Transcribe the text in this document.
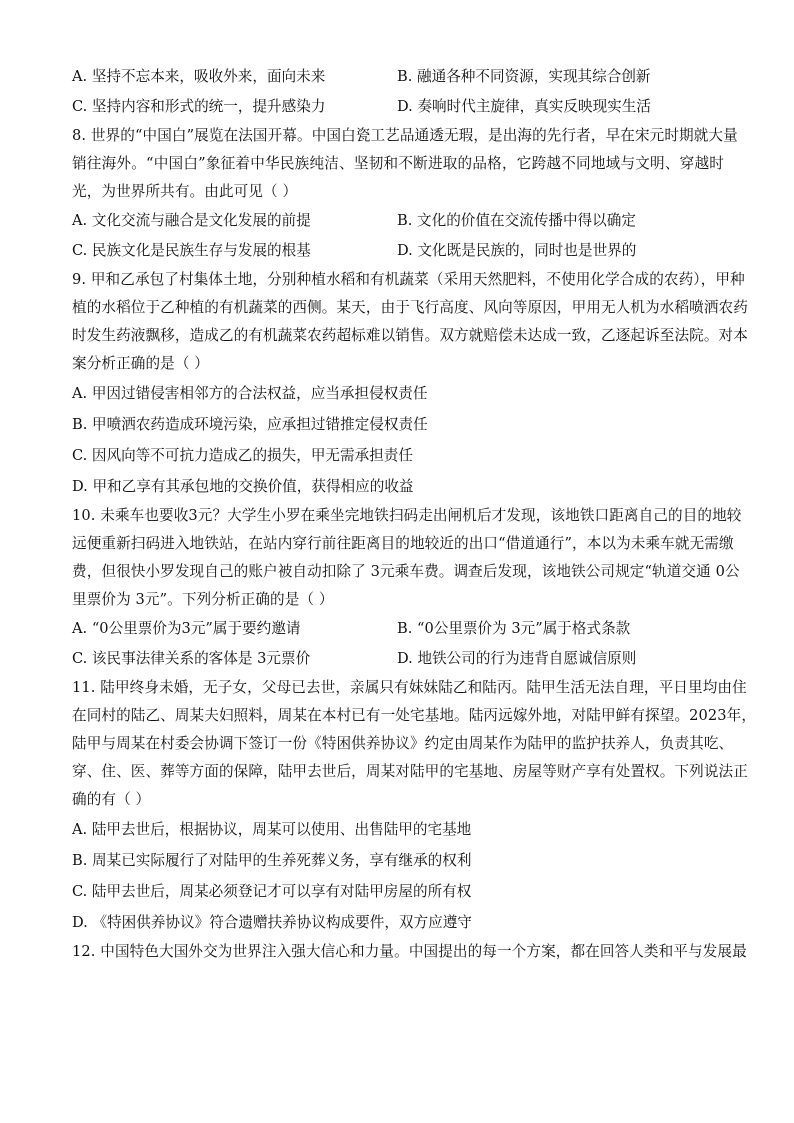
A. 坚持不忘本来，吸收外来，面向未来	B. 融通各种不同资源，实现其综合创新
C. 坚持内容和形式的统一，提升感染力	D. 奏响时代主旋律，真实反映现实生活
8. 世界的“中国白”展览在法国开幕。中国白瓷工艺品通透无瑕，是出海的先行者，早在宋元时期就大量
销往海外。“中国白”象征着中华民族纯洁、坚韧和不断进取的品格，它跨越不同地域与文明、穿越时
光，为世界所共有。由此可见（ ）
A. 文化交流与融合是文化发展的前提	B. 文化的价值在交流传播中得以确定
C. 民族文化是民族生存与发展的根基	D. 文化既是民族的，同时也是世界的
9. 甲和乙承包了村集体土地，分别种植水稻和有机蔬菜（采用天然肥料，不使用化学合成的农药），甲种
植的水稻位于乙种植的有机蔬菜的西侧。某天，由于飞行高度、风向等原因，甲用无人机为水稻喷洒农药
时发生药液飘移，造成乙的有机蔬菜农药超标难以销售。双方就赔偿未达成一致，乙逐起诉至法院。对本
案分析正确的是（ ）
A. 甲因过错侵害相邻方的合法权益，应当承担侵权责任
B. 甲喷洒农药造成环境污染，应承担过错推定侵权责任
C. 因风向等不可抗力造成乙的损失，甲无需承担责任
D. 甲和乙享有其承包地的交换价值，获得相应的收益
10. 未乘车也要收3元？大学生小罗在乘坐完地铁扫码走出闸机后才发现，该地铁口距离自己的目的地较
远便重新扫码进入地铁站，在站内穿行前往距离目的地较近的出口“借道通行”，本以为未乘车就无需缴
费，但很快小罗发现自己的账户被自动扣除了 3元乘车费。调查后发现，该地铁公司规定“轨道交通 0公
里票价为 3元”。下列分析正确的是（ ）
A. “0公里票价为3元”属于要约邀请	B. “0公里票价为 3元”属于格式条款
C. 该民事法律关系的客体是 3元票价	D. 地铁公司的行为违背自愿诚信原则
11. 陆甲终身未婚，无子女，父母已去世，亲属只有妹妹陆乙和陆丙。陆甲生活无法自理，平日里均由住
在同村的陆乙、周某夫妇照料，周某在本村已有一处宅基地。陆丙远嫁外地，对陆甲鲜有探望。2023年，
陆甲与周某在村委会协调下签订一份《特困供养协议》约定由周某作为陆甲的监护扶养人，负责其吃、
穿、住、医、葬等方面的保障，陆甲去世后，周某对陆甲的宅基地、房屋等财产享有处置权。下列说法正
确的有（ ）
A. 陆甲去世后，根据协议，周某可以使用、出售陆甲的宅基地
B. 周某已实际履行了对陆甲的生养死葬义务，享有继承的权利
C. 陆甲去世后，周某必须登记才可以享有对陆甲房屋的所有权
D. 《特困供养协议》符合遗赠扶养协议构成要件，双方应遵守
12. 中国特色大国外交为世界注入强大信心和力量。中国提出的每一个方案，都在回答人类和平与发展最
